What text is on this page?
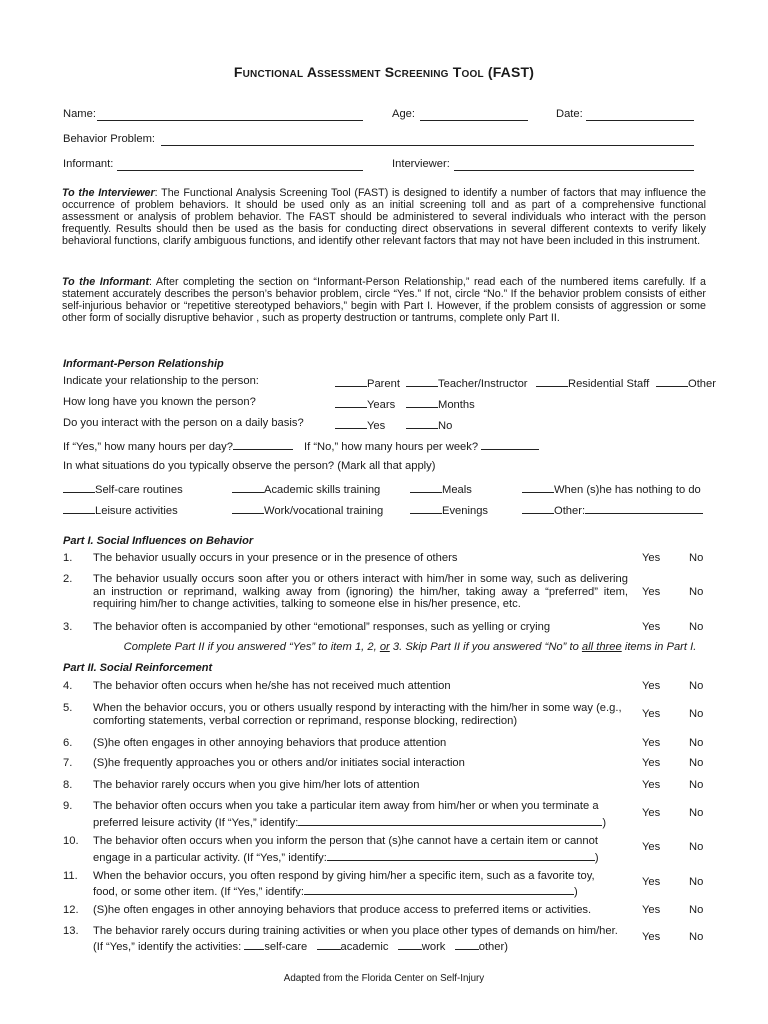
Functional Assessment Screening Tool (FAST)
Name:	Age:	Date:
Behavior Problem:
Informant:	Interviewer:
To the Interviewer: The Functional Analysis Screening Tool (FAST) is designed to identify a number of factors that may influence the occurrence of problem behaviors. It should be used only as an initial screening toll and as part of a comprehensive functional assessment or analysis of problem behavior. The FAST should be administered to several individuals who interact with the person frequently. Results should then be used as the basis for conducting direct observations in several different contexts to verify likely behavioral functions, clarify ambiguous functions, and identify other relevant factors that may not have been included in this instrument.
To the Informant: After completing the section on “Informant-Person Relationship,” read each of the numbered items carefully. If a statement accurately describes the person’s behavior problem, circle “Yes.” If not, circle “No.” If the behavior problem consists of either self-injurious behavior or “repetitive stereotyped behaviors,” begin with Part I. However, if the problem consists of aggression or some other form of socially disruptive behavior , such as property destruction or tantrums, complete only Part II.
Informant-Person Relationship
Indicate your relationship to the person:	Parent	Teacher/Instructor	Residential Staff	Other
How long have you known the person?	Years	Months
Do you interact with the person on a daily basis?	Yes	No
If “Yes,” how many hours per day?	If “No,” how many hours per week?
In what situations do you typically observe the person? (Mark all that apply)
Self-care routines	Academic skills training	Meals	When (s)he has nothing to do
Leisure activities	Work/vocational training	Evenings	Other:
Part I. Social Influences on Behavior
1. The behavior usually occurs in your presence or in the presence of others	Yes	No
2. The behavior usually occurs soon after you or others interact with him/her in some way, such as delivering an instruction or reprimand, walking away from (ignoring) the him/her, taking away a “preferred” item, requiring him/her to change activities, talking to someone else in his/her presence, etc.
Yes	No
3. The behavior often is accompanied by other “emotional” responses, such as yelling or crying	Yes	No
Complete Part II if you answered “Yes” to item 1, 2, or 3. Skip Part II if you answered “No” to all three items in Part I.
Part II. Social Reinforcement
4. The behavior often occurs when he/she has not received much attention	Yes	No
5. When the behavior occurs, you or others usually respond by interacting with the him/her in some way (e.g., comforting statements, verbal correction or reprimand, response blocking, redirection)
Yes	No
6. (S)he often engages in other annoying behaviors that produce attention	Yes	No
7. (S)he frequently approaches you or others and/or initiates social interaction	Yes	No
8. The behavior rarely occurs when you give him/her lots of attention	Yes	No
9. The behavior often occurs when you take a particular item away from him/her or when you terminate a
preferred leisure activity (If “Yes,” identify:	)
Yes	No
10. The behavior often occurs when you inform the person that (s)he cannot have a certain item or cannot
engage in a particular activity. (If “Yes,” identify:	)
Yes	No
11. When the behavior occurs, you often respond by giving him/her a specific item, such as a favorite toy,
food, or some other item. (If “Yes,” identify:	)
Yes	No
12. (S)he often engages in other annoying behaviors that produce access to preferred items or activities.	Yes	No
13. The behavior rarely occurs during training activities or when you place other types of demands on him/her.
(If “Yes,” identify the activities: self-care	academic	work	other)
Yes	No
Adapted from the Florida Center on Self-Injury
